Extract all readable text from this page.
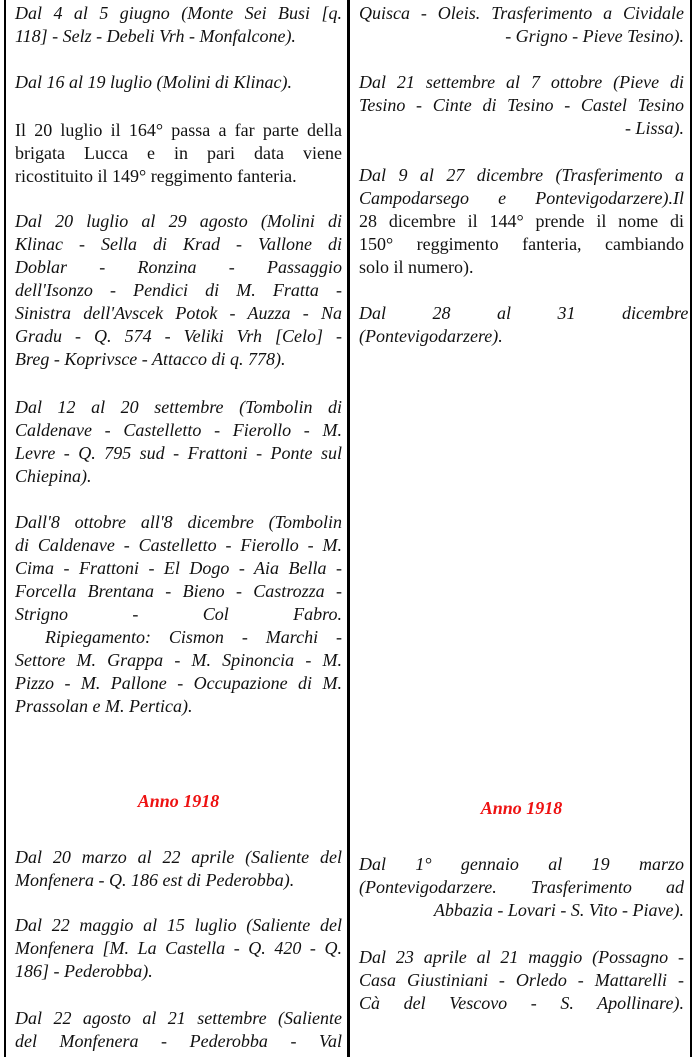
Dal 4 al 5 giugno (Monte Sei Busi [q.
118] - Selz - Debeli Vrh - Monfalcone).
Dal 16 al 19 luglio (Molini di Klinac).
Il 20 luglio il 164° passa a far parte della
brigata Lucca e in pari data viene
ricostituito il 149° reggimento fanteria.
Dal 20 luglio al 29 agosto (Molini di
Klinac - Sella di Krad - Vallone di
Doblar - Ronzina - Passaggio
dell'Isonzo - Pendici di M. Fratta -
Sinistra dell'Avscek Potok - Auzza - Na
Gradu - Q. 574 - Veliki Vrh [Celo] -
Breg - Koprivsce - Attacco di q. 778).
Dal 12 al 20 settembre (Tombolin di
Caldenave - Castelletto - Fierollo - M.
Levre - Q. 795 sud - Frattoni - Ponte sul
Chiepina).
Dall'8 ottobre all'8 dicembre (Tombolin
di Caldenave - Castelletto - Fierollo - M.
Cima - Frattoni - El Dogo - Aia Bella -
Forcella Brentana - Bieno - Castrozza -
Strigno - Col Fabro.
Ripiegamento: Cismon - Marchi -
Settore M. Grappa - M. Spinoncia - M.
Pizzo - M. Pallone - Occupazione di M.
Prassolan e M. Pertica).
Anno 1918
Dal 20 marzo al 22 aprile (Saliente del
Monfenera - Q. 186 est di Pederobba).
Dal 22 maggio al 15 luglio (Saliente del
Monfenera [M. La Castella - Q. 420 - Q.
186] - Pederobba).
Dal 22 agosto al 21 settembre (Saliente
del Monfenera - Pederobba - Val
Quisca - Oleis. Trasferimento a Cividale
- Grigno - Pieve Tesino).
Dal 21 settembre al 7 ottobre (Pieve di
Tesino - Cinte di Tesino - Castel Tesino
- Lissa).
Dal 9 al 27 dicembre (Trasferimento a
Campodarsego e Pontevigodarzere).Il
28 dicembre il 144° prende il nome di
150° reggimento fanteria, cambiando
solo il numero).
Dal 28 al 31 dicembre
(Pontevigodarzere).
Anno 1918
Dal 1° gennaio al 19 marzo
(Pontevigodarzere. Trasferimento ad
Abbazia - Lovari - S. Vito - Piave).
Dal 23 aprile al 21 maggio (Possagno -
Casa Giustiniani - Orledo - Mattarelli -
Cà del Vescovo - S. Apollinare).
